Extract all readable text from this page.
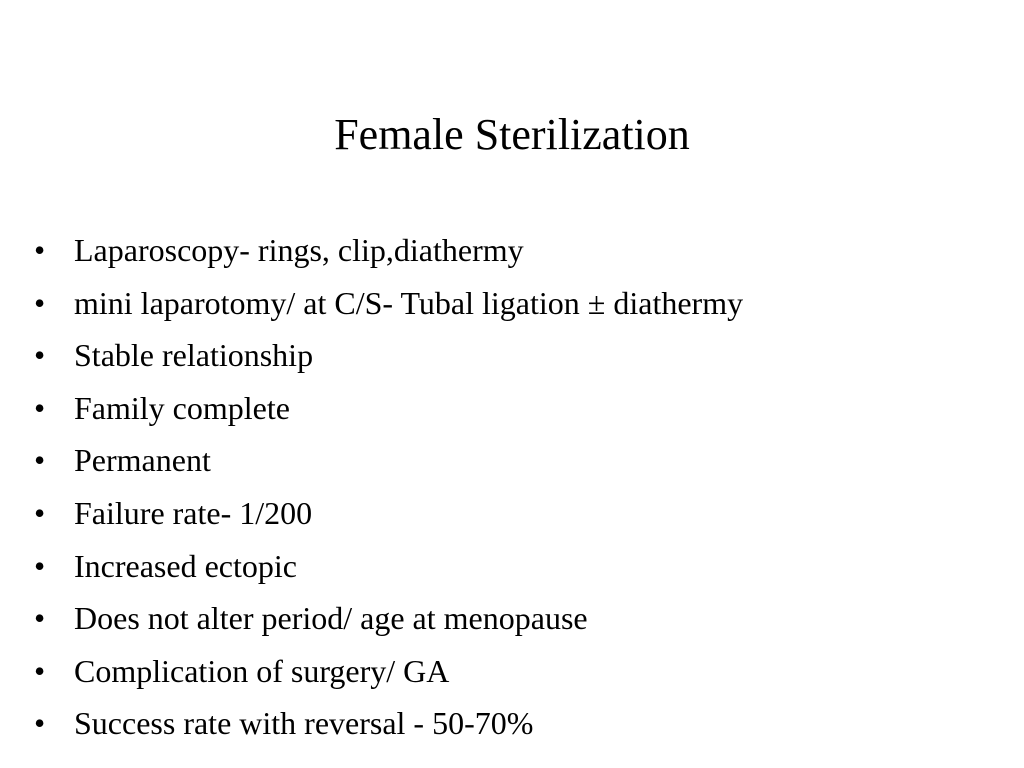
Female Sterilization
• Laparoscopy- rings, clip,diathermy
• mini laparotomy/ at C/S- Tubal ligation ± diathermy
• Stable relationship
• Family complete
• Permanent
• Failure rate- 1/200
• Increased ectopic
• Does not alter period/ age at menopause
• Complication of surgery/ GA
• Success rate with reversal - 50-70%
